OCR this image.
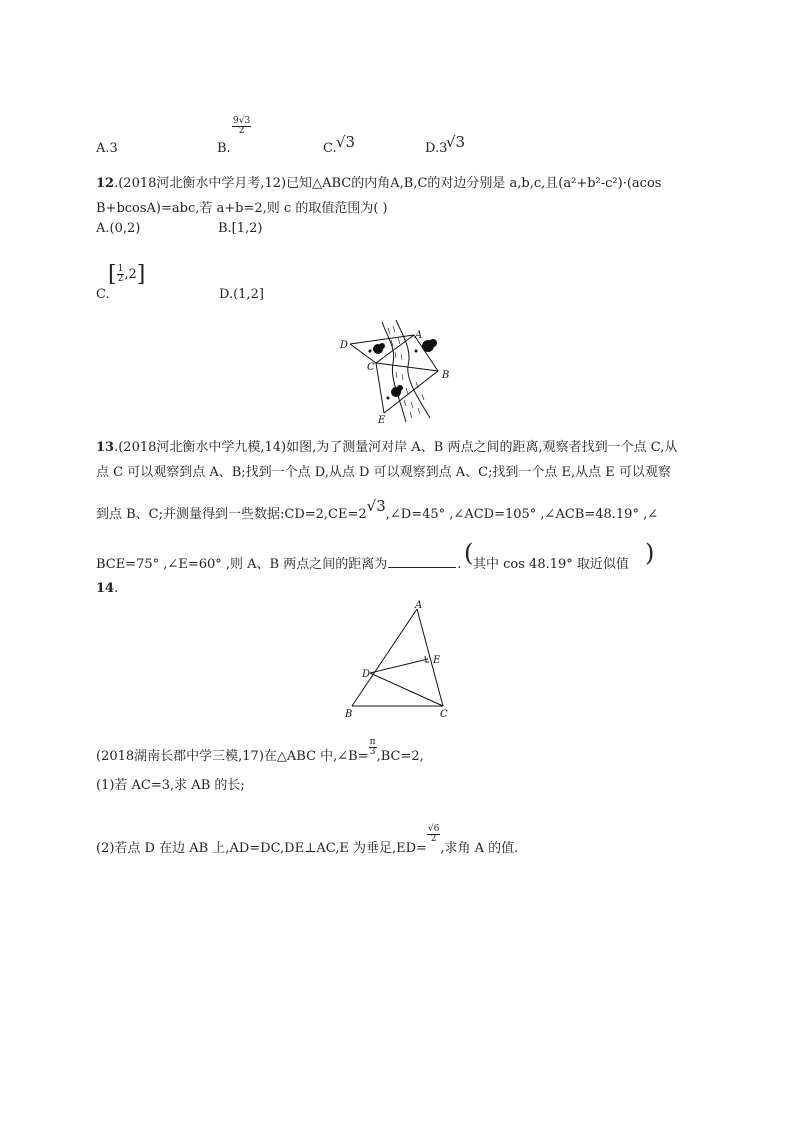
A.3	B.
$\frac{9√3}{2}$
C. √3	D.3
√3
12.(2018河北衡水中学月考,12)已知△ABC的内角A,B,C的对边分别是 a,b,c,且(a²+b²-c²)·(acos
B+bcosA)=abc,若 a+b=2,则 c 的取值范围为( )
A.(0,2)	B.[1,2)
C.
[ $\frac{1}{2} ,2$]
D.(1,2]
D
A
C
B
E
13.(2018河北衡水中学九模,14)如图,为了测量河对岸 A、B 两点之间的距离,观察者找到一个点 C,从
点 C 可以观察到点 A、B;找到一个点 D,从点 D 可以观察到点 A、C;找到一个点 E,从点 E 可以观察
到点 B、C;并测量得到一些数据:CD=2,CE=2√3,∠D=45° ,∠ACD=105° ,∠ACB=48.19° ,∠
BCE=75° ,∠E=60° ,则 A、B 两点之间的距离为	. ( 其中 cos 48.19° 取近似值 )
14.
A
D
E
B	C
(2018湖南长郡中学三模,17)在△ABC 中,∠B= $\frac{\pi}{3} ,BC=2$,
(1)若 AC=3,求 AB 的长;
(2)若点 D 在边 AB 上,AD=DC,DE⊥AC,E 为垂足,ED=
$\frac{√6}{2}$
,求角 A 的值.
